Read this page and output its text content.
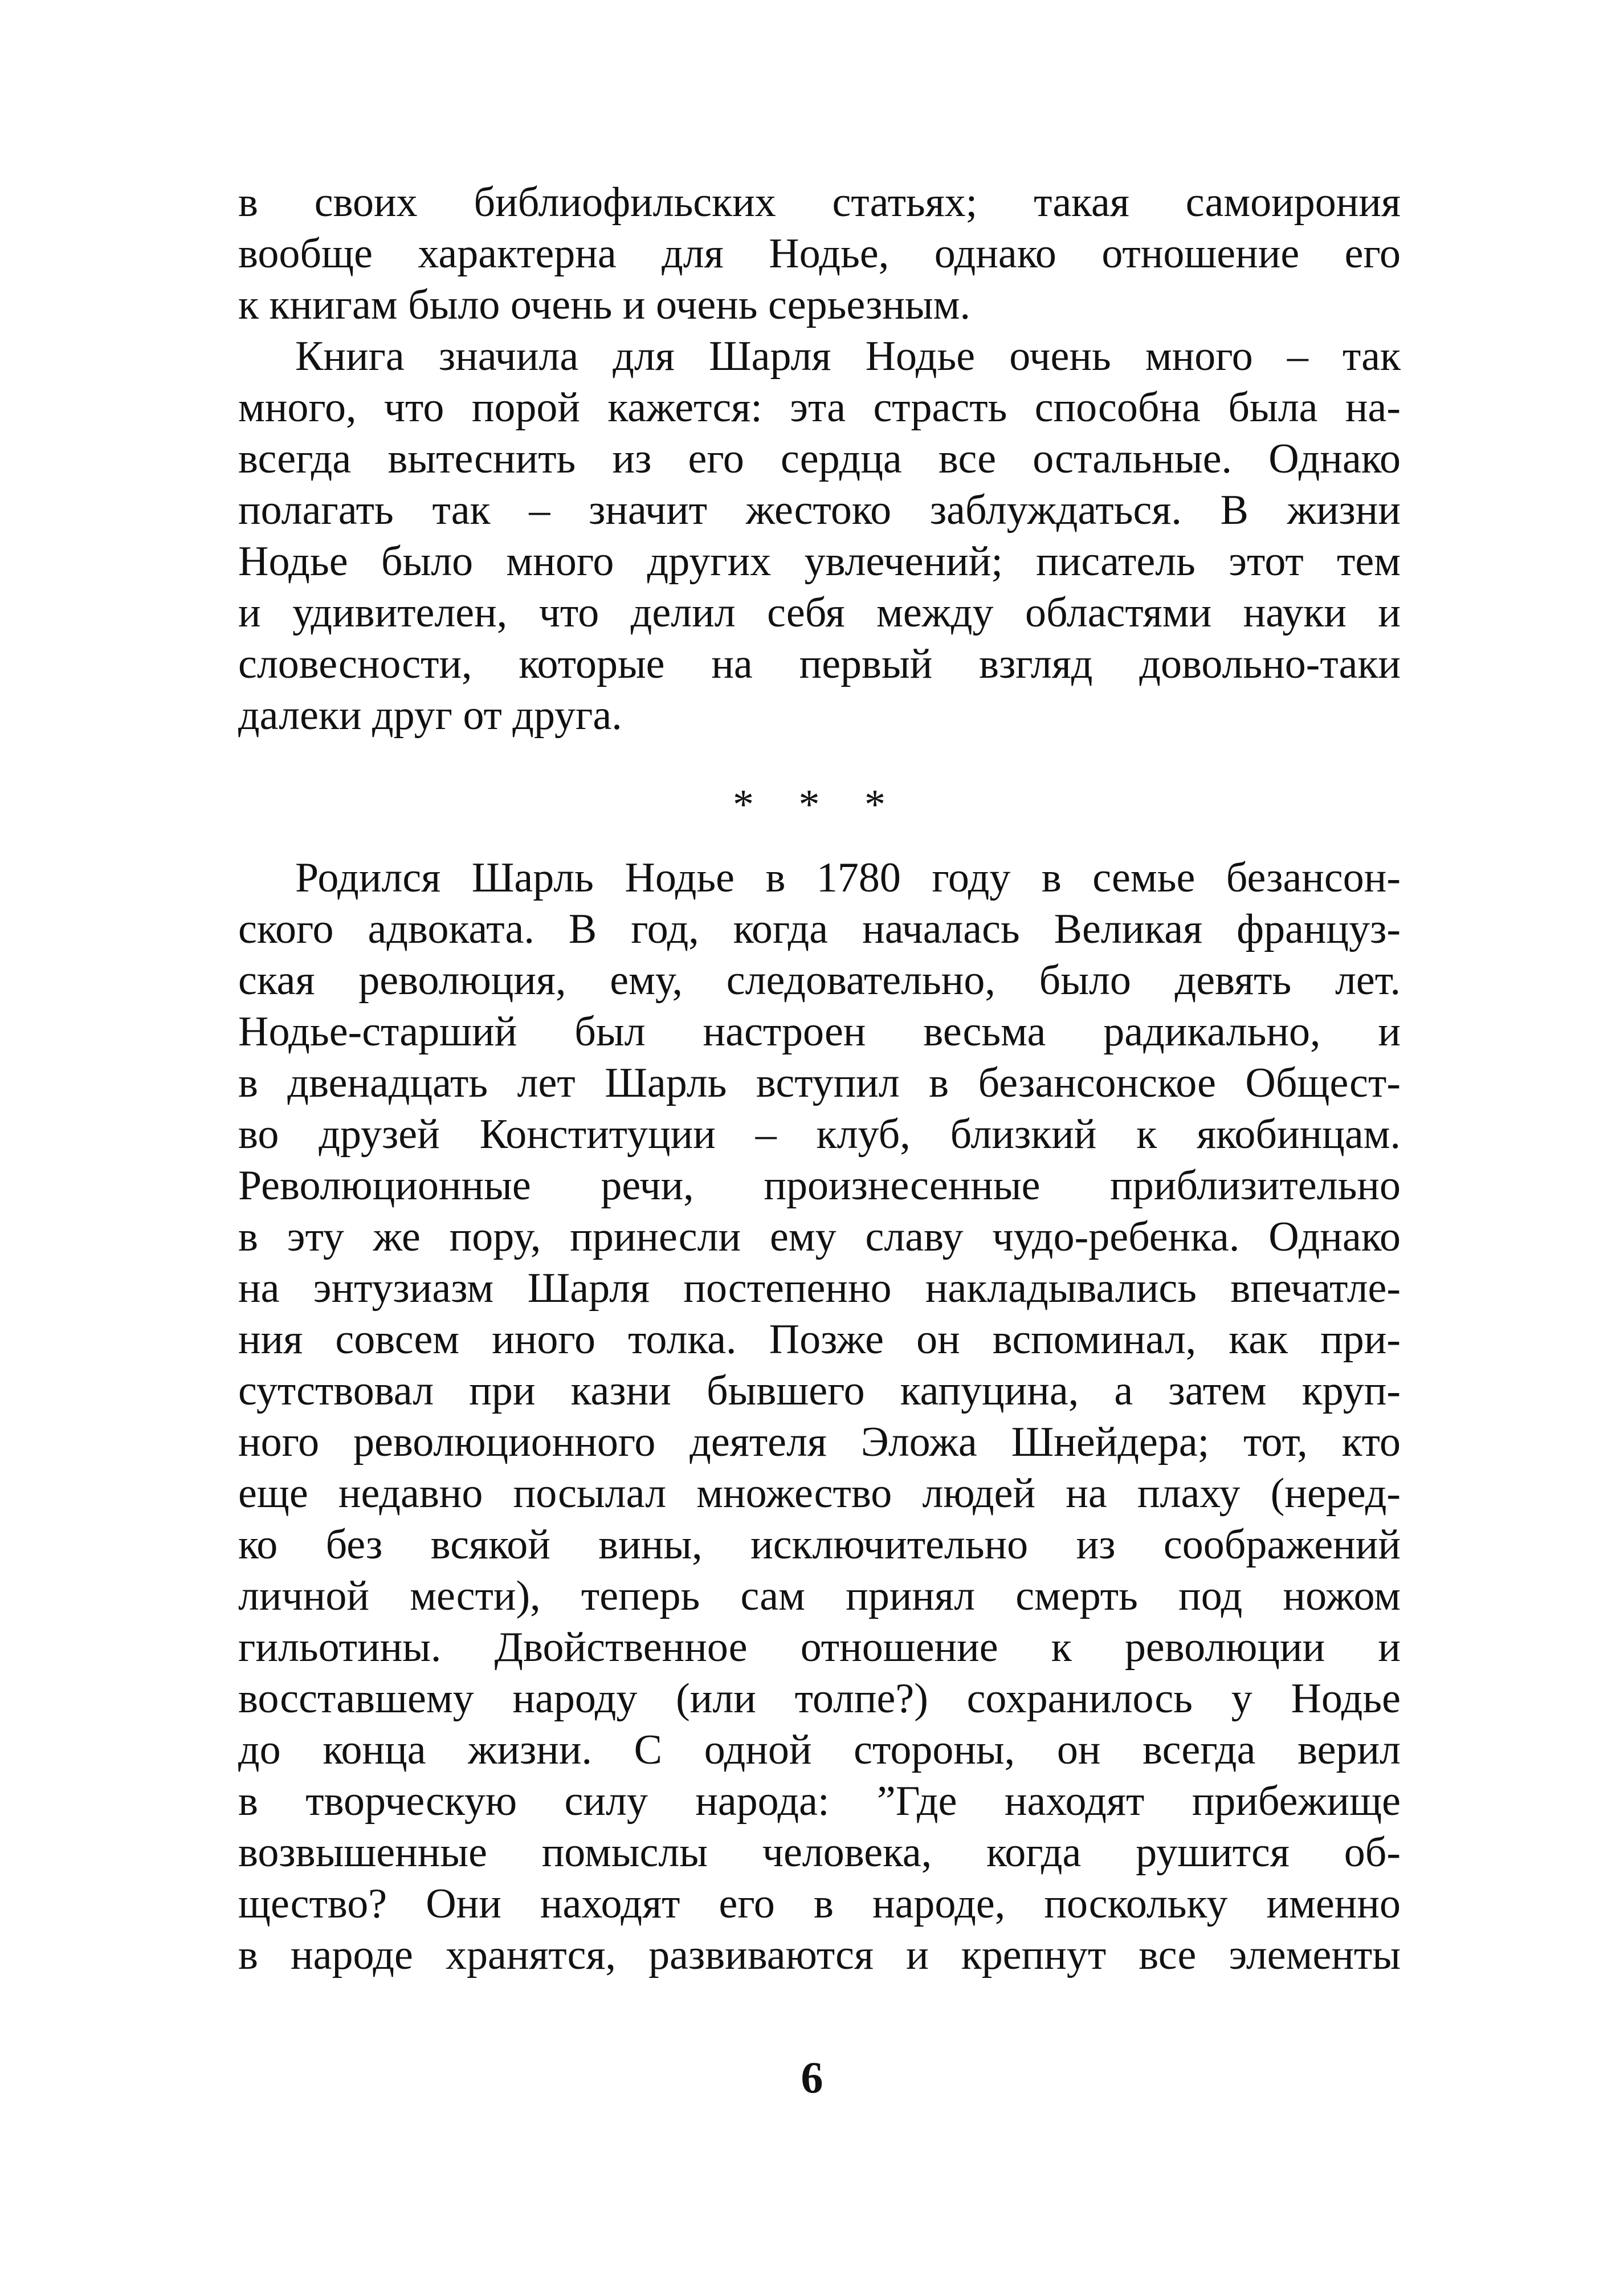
в своих библиофильских статьях; такая самоирония
вообще характерна для Нодье, однако отношение его
к книгам было очень и очень серьезным.
Книга значила для Шарля Нодье очень много – так
много, что порой кажется: эта страсть способна была на-
всегда вытеснить из его сердца все остальные. Однако
полагать так – значит жестоко заблуждаться. В жизни
Нодье было много других увлечений; писатель этот тем
и удивителен, что делил себя между областями науки и
словесности, которые на первый взгляд довольно-таки
далеки друг от друга.
* * *
Родился Шарль Нодье в 1780 году в семье безансон-
ского адвоката. В год, когда началась Великая француз-
ская революция, ему, следовательно, было девять лет.
Нодье-старший был настроен весьма радикально, и
в двенадцать лет Шарль вступил в безансонское Общест-
во друзей Конституции – клуб, близкий к якобинцам.
Революционные речи, произнесенные приблизительно
в эту же пору, принесли ему славу чудо-ребенка. Однако
на энтузиазм Шарля постепенно накладывались впечатле-
ния совсем иного толка. Позже он вспоминал, как при-
сутствовал при казни бывшего капуцина, а затем круп-
ного революционного деятеля Эложа Шнейдера; тот, кто
еще недавно посылал множество людей на плаху (неред-
ко без всякой вины, исключительно из соображений
личной мести), теперь сам принял смерть под ножом
гильотины. Двойственное отношение к революции и
восставшему народу (или толпе?) сохранилось у Нодье
до конца жизни. С одной стороны, он всегда верил
в творческую силу народа: ”Где находят прибежище
возвышенные помыслы человека, когда рушится об-
щество? Они находят его в народе, поскольку именно
в народе хранятся, развиваются и крепнут все элементы
6
